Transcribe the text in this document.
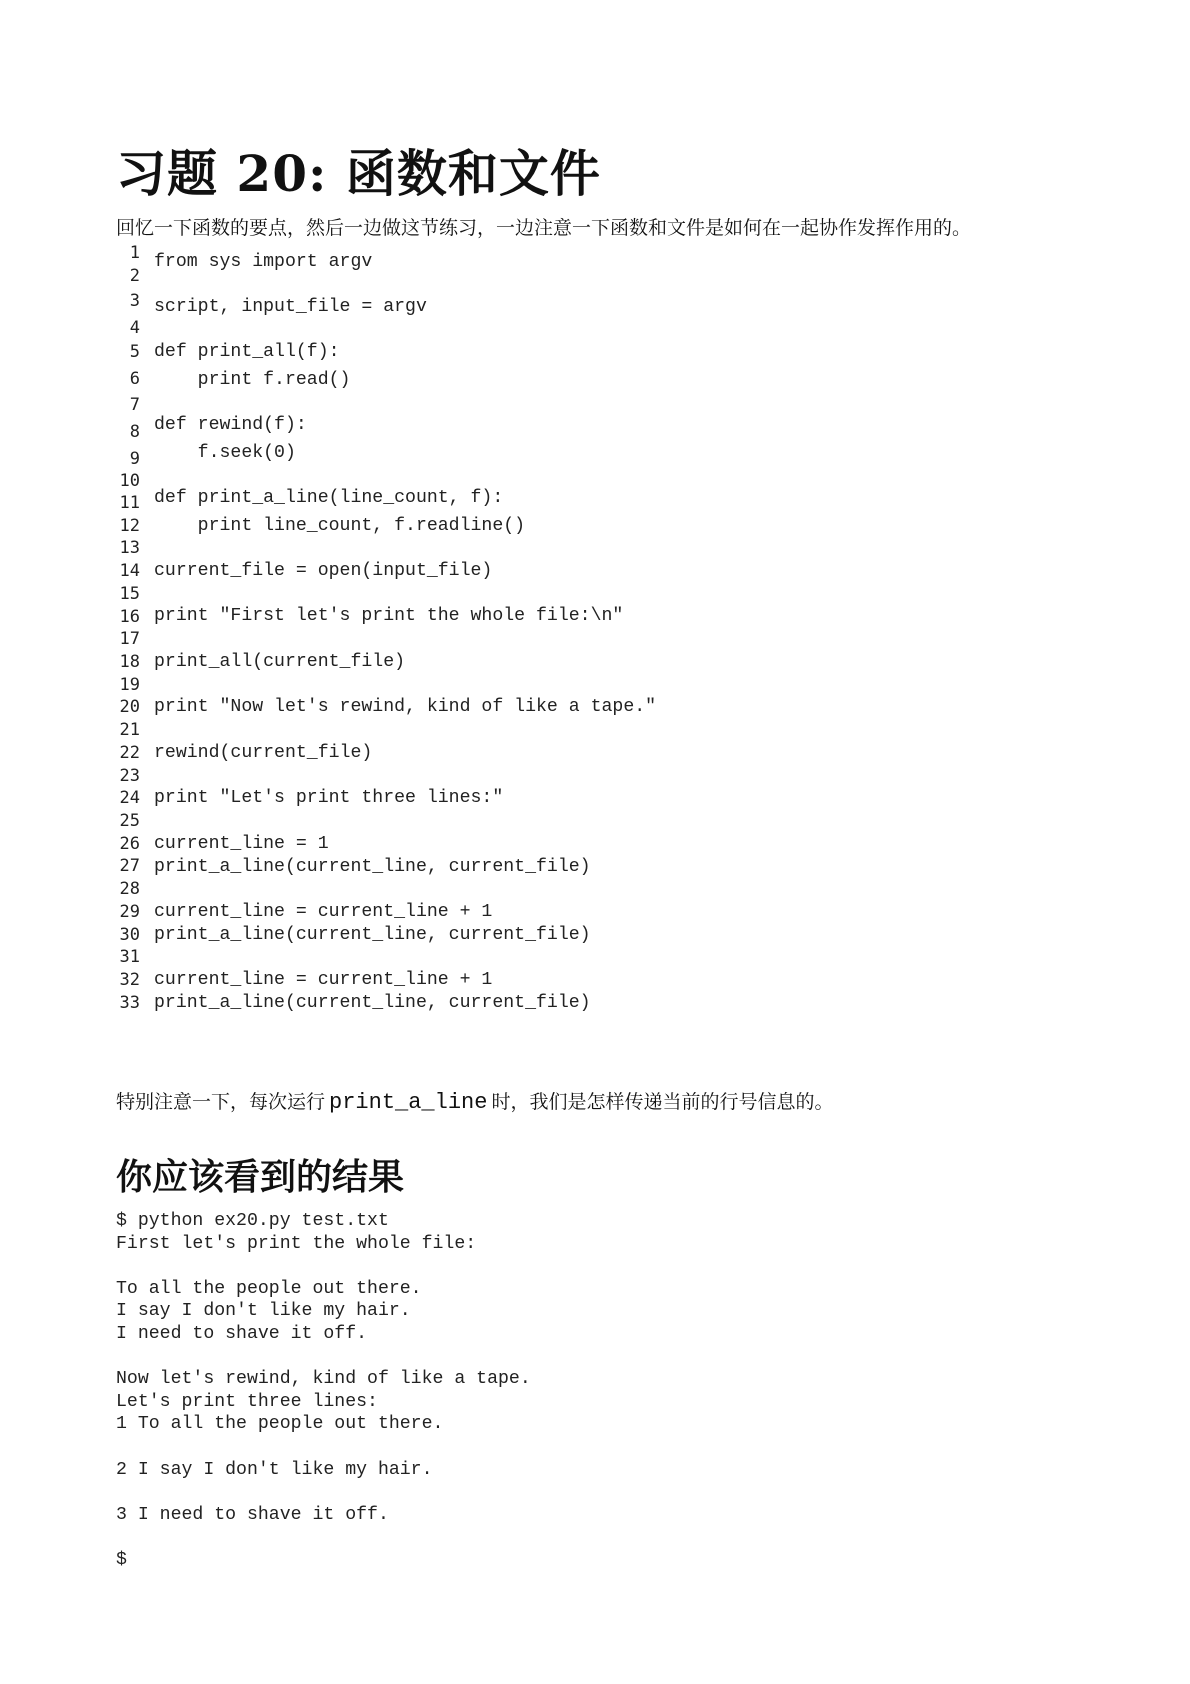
习题 20: 函数和文件

回忆一下函数的要点，然后一边做这节练习，一边注意一下函数和文件是如何在一起协作发挥作用的。

1
2
3
4
5
6
7
8
9
10
11
12
13
14
15
16
17
18
19
20
21
22
23
24
25
26
27
28
29
30
31
32
33
from sys import argv
script, input_file = argv
def print_all(f):
print f.read()
def rewind(f):
f.seek(0)
def print_a_line(line_count, f):
print line_count, f.readline()
current_file = open(input_file)
print "First let's print the whole file:\n"
print_all(current_file)
print "Now let's rewind, kind of like a tape."
rewind(current_file)
print "Let's print three lines:"
current_line = 1
print_a_line(current_line, current_file)
current_line = current_line + 1
print_a_line(current_line, current_file)
current_line = current_line + 1
print_a_line(current_line, current_file)

特别注意一下，每次运行 print_a_line 时，我们是怎样传递当前的行号信息的。

你应该看到的结果
$ python ex20.py test.txt
First let's print the whole file:
To all the people out there.
I say I don't like my hair.
I need to shave it off.
Now let's rewind, kind of like a tape.
Let's print three lines:
1 To all the people out there.
2 I say I don't like my hair.
3 I need to shave it off.
$
